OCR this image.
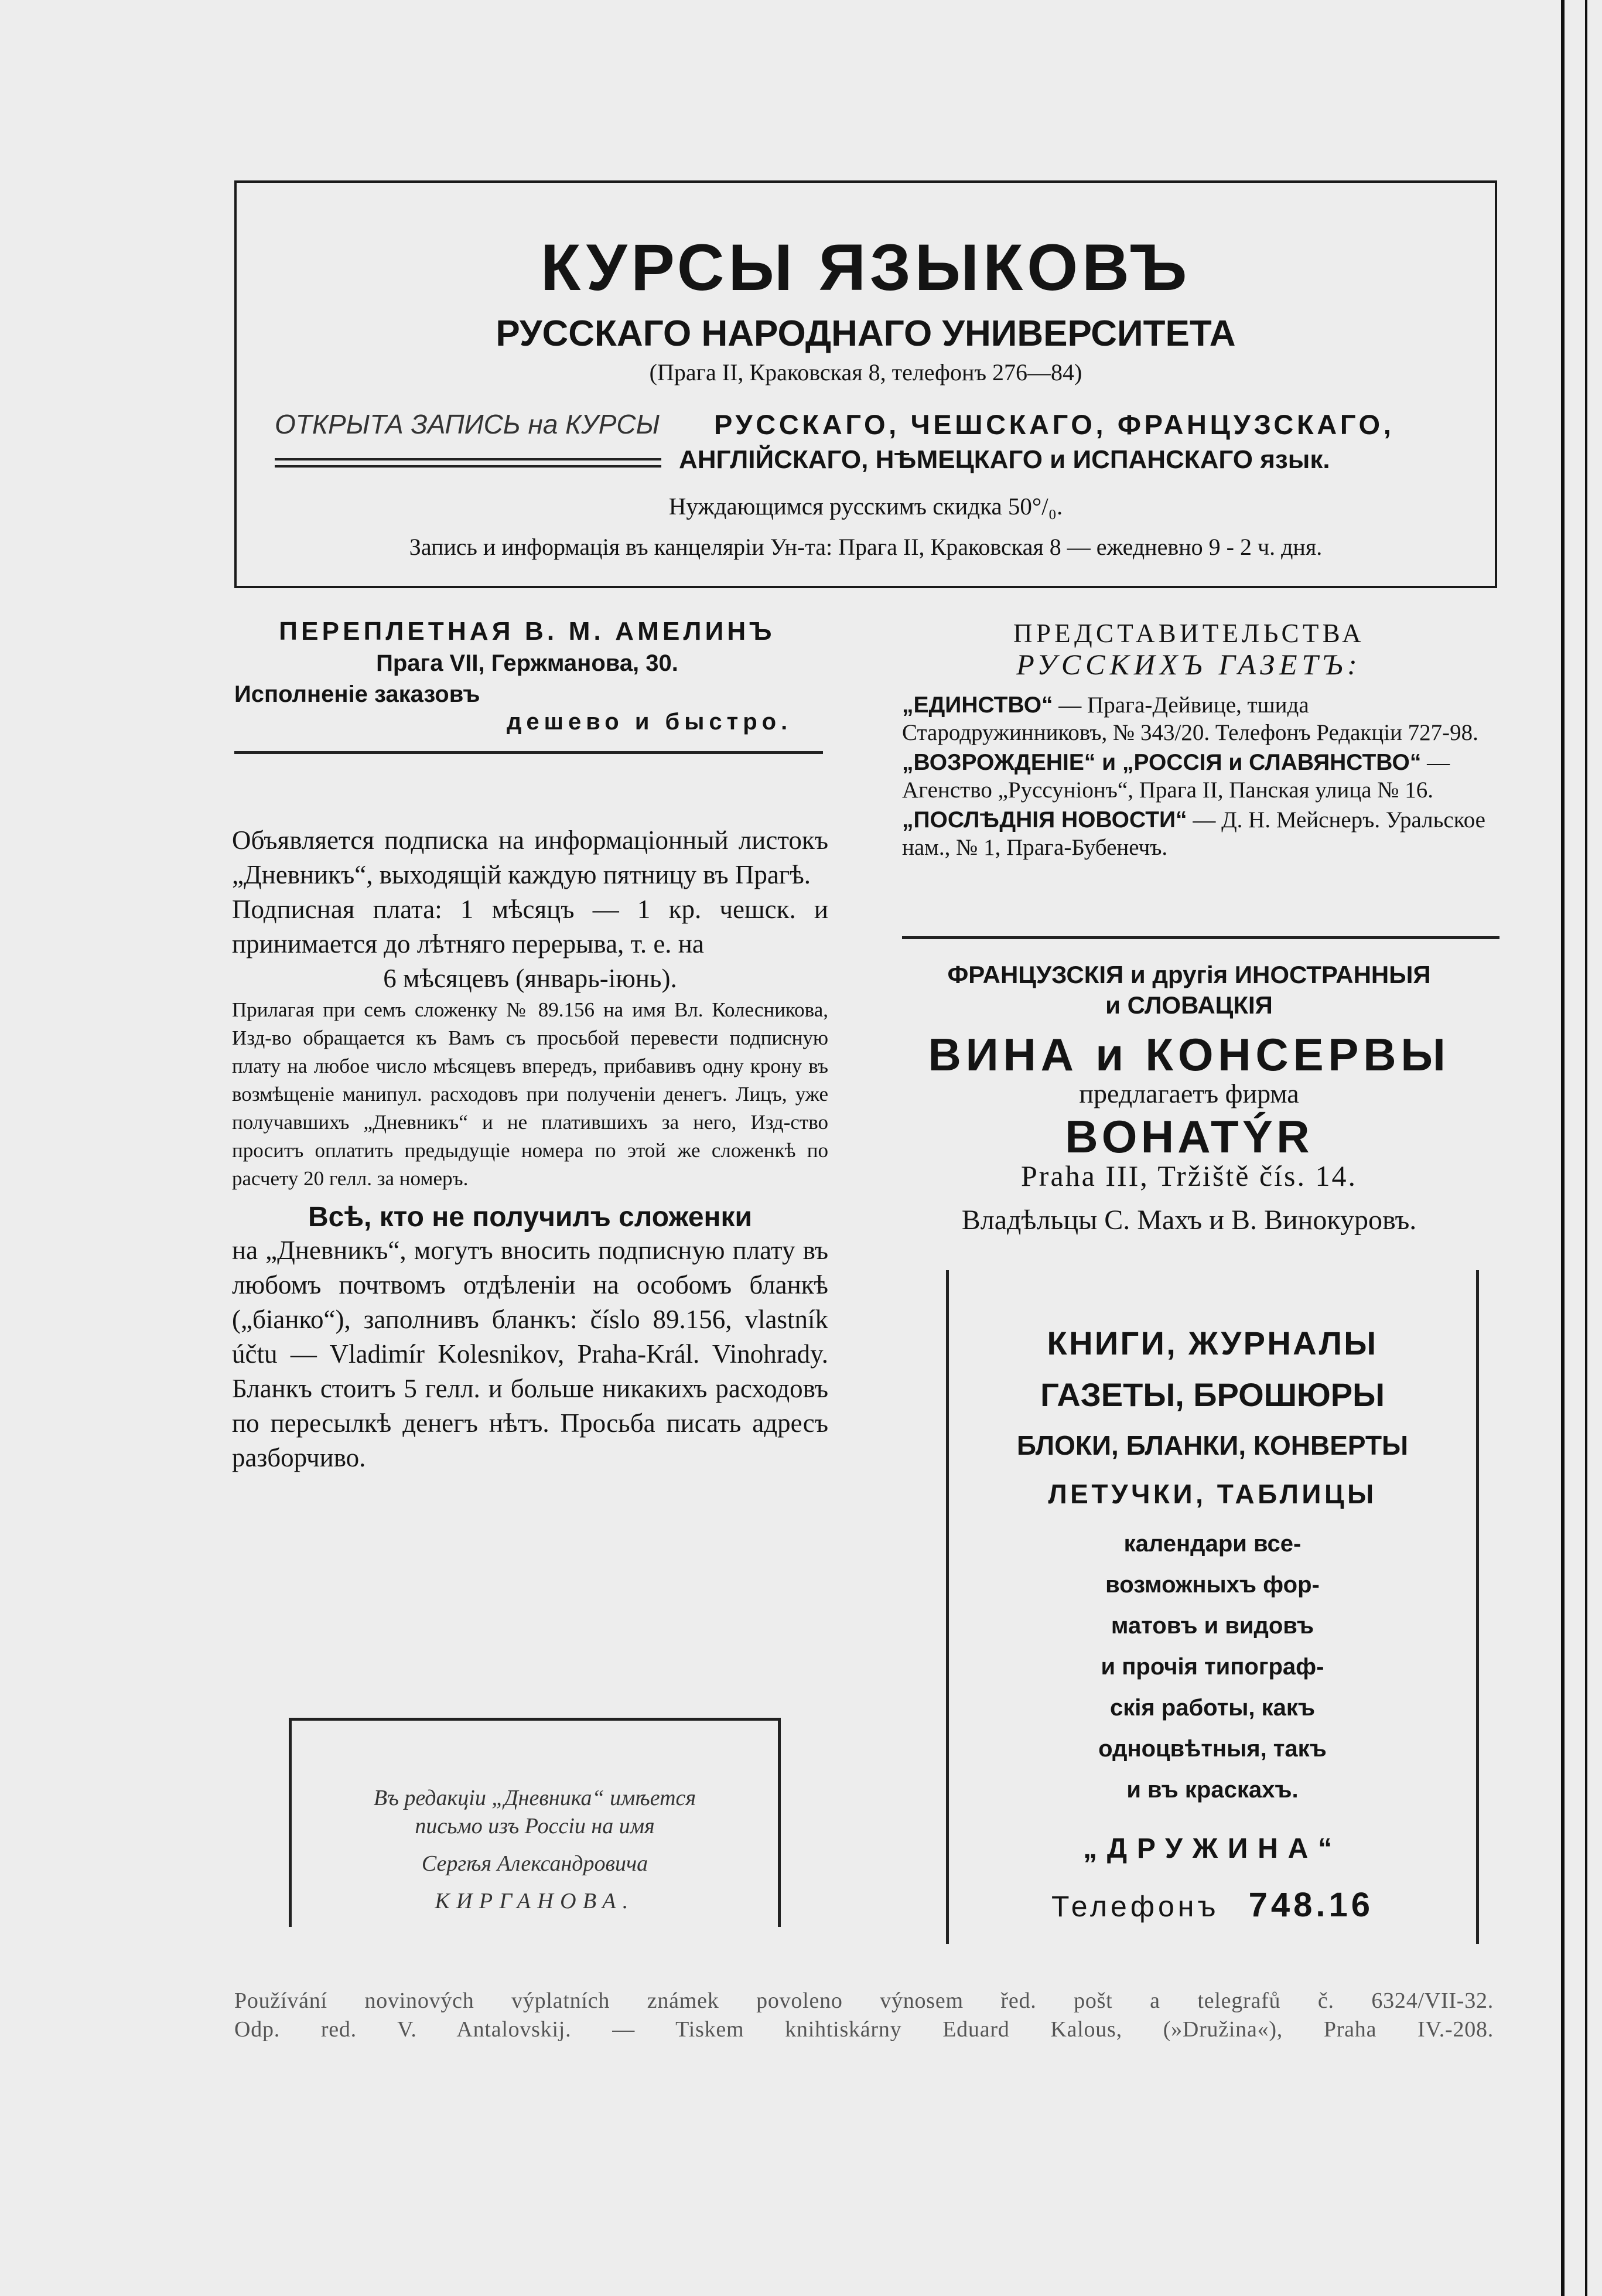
КУРСЫ ЯЗЫКОВЪ
РУССКАГО НАРОДНАГО УНИВЕРСИТЕТА
(Прага II, Краковская 8, телефонъ 276—84)
ОТКРЫТА ЗАПИСЬ на КУРСЫ РУССКАГО, ЧЕШСКАГО, ФРАНЦУЗСКАГО,
АНГЛІЙСКАГО, НѢМЕЦКАГО и ИСПАНСКАГО язык.
Нуждающимся русскимъ скидка 50°/₀.
Запись и информація въ канцеляріи Ун-та: Прага II, Краковская 8 — ежедневно 9 - 2 ч. дня.
ПЕРЕПЛЕТНАЯ В. М. АМЕЛИНЪ
Прага VII, Гержманова, 30.
Исполненіе заказовъ
дешево и быстро.

Объявляется подписка на информаціонный листокъ „Дневникъ“, выходящій каждую пятницу въ Прагѣ.

Подписная плата: 1 мѣсяцъ — 1 кр. чешск. и принимается до лѣтняго перерыва, т. е. на

6 мѣсяцевъ (январь-іюнь).

Прилагая при семъ сложенку № 89.156 на имя Вл. Колесникова, Изд-во обращается къ Вамъ съ просьбой перевести подписную плату на любое число мѣсяцевъ впередъ, прибавивъ одну крону въ возмѣщеніе манипул. расходовъ при полученіи денегъ. Лицъ, уже получавшихъ „Дневникъ“ и не платившихъ за него, Изд-ство проситъ оплатить предыдущіе номера по этой же сложенкѣ по расчету 20 гелл. за номеръ.

Всѣ, кто не получилъ сложенки

на „Дневникъ“, могутъ вносить подписную плату въ любомъ почтвомъ отдѣленіи на особомъ бланкѣ („біанко“), заполнивъ бланкъ: číslo 89.156, vlastník účtu — Vladimír Kolesnikov, Praha-Král. Vinohrady. Бланкъ стоитъ 5 гелл. и больше никакихъ расходовъ по пересылкѣ денегъ нѣтъ. Просьба писать адресъ разборчиво.

Въ редакціи „Дневника“ имѣется
письмо изъ Россіи на имя
Сергѣя Александровича
КИРГАНОВА.
ПРЕДСТАВИТЕЛЬСТВА
РУССКИХЪ ГАЗЕТЪ:
„ЕДИНСТВО“ — Прага-Дейвице, тшида Стародружинниковъ, № 343/20. Телефонъ Редакціи 727-98.
„ВОЗРОЖДЕНІЕ“ и „РОССІЯ и СЛАВЯНСТВО“ — Агенство „Руссуніонъ“, Прага II, Панская улица № 16.
„ПОСЛѢДНІЯ НОВОСТИ“ — Д. Н. Мейснеръ. Уральское нам., № 1, Прага-Бубенечъ.
ФРАНЦУЗСКІЯ и другія ИНОСТРАННЫЯ
и СЛОВАЦКІЯ
ВИНА и КОНСЕРВЫ
предлагаетъ фирма
BOHATÝR
Praha III, Tržiště čís. 14.
Владѣльцы С. Махъ и В. Винокуровъ.
КНИГИ, ЖУРНАЛЫ
ГАЗЕТЫ, БРОШЮРЫ
БЛОКИ, БЛАНКИ, КОНВЕРТЫ
ЛЕТУЧКИ, ТАБЛИЦЫ
календари все-
возможныхъ фор-
матовъ и видовъ
и прочія типограф-
скія работы, какъ
одноцвѣтныя, такъ
и въ краскахъ.
„ДРУЖИНА“
Телефонъ 748.16
Používání novinových výplatních známek povoleno výnosem řed. pošt a telegrafů č. 6324/VII-32.
Odp. red. V. Antalovskij. — Tiskem knihtiskárny Eduard Kalous, (»Družina«), Praha IV.-208.
